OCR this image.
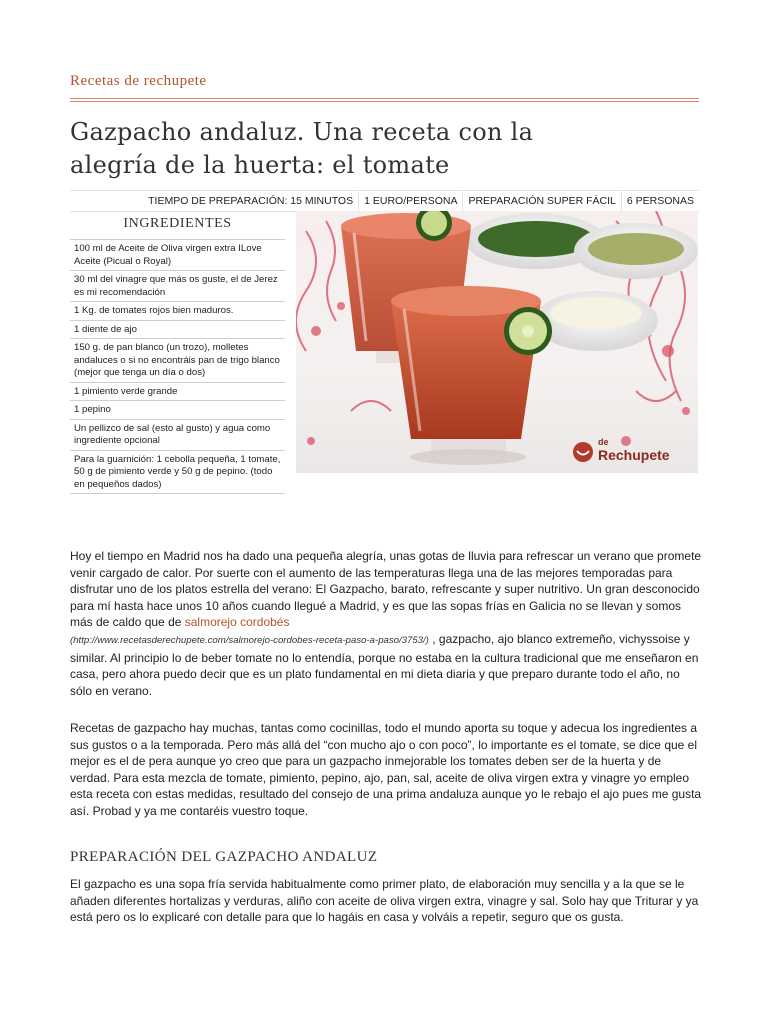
Recetas de rechupete
Gazpacho andaluz. Una receta con la
alegría de la huerta: el tomate
TIEMPO DE PREPARACIÓN: 15 MINUTOS	1 EURO/PERSONA	PREPARACIÓN SUPER FÁCIL	6 PERSONAS
INGREDIENTES
100 ml de Aceite de Oliva virgen extra ILove Aceite (Picual o Royal)
30 ml del vinagre que más os guste, el de Jerez es mi recomendación
1 Kg. de tomates rojos bien maduros.
1 diente de ajo
150 g. de pan blanco (un trozo), molletes andaluces o si no encontráis pan de trigo blanco (mejor que tenga un día o dos)
1 pimiento verde grande
1 pepino
Un pellizco de sal (esto al gusto) y agua como ingrediente opcional
Para la guarnición: 1 cebolla pequeña, 1 tomate, 50 g de pimiento verde y 50 g de pepino. (todo en pequeños dados)
de
Rechupete

Hoy el tiempo en Madrid nos ha dado una pequeña alegría, unas gotas de lluvia para refrescar un verano que promete venir cargado de calor. Por suerte con el aumento de las temperaturas llega una de las mejores temporadas para disfrutar uno de los platos estrella del verano: El Gazpacho, barato, refrescante y super nutritivo. Un gran desconocido para mí hasta hace unos 10 años cuando llegué a Madrid, y es que las sopas frías en Galicia no se llevan y somos más de caldo que de salmorejo cordobés
(http://www.recetasderechupete.com/salmorejo-cordobes-receta-paso-a-paso/3753/) , gazpacho, ajo blanco extremeño, vichyssoise y similar. Al principio lo de beber tomate no lo entendía, porque no estaba en la cultura tradicional que me enseñaron en casa, pero ahora puedo decir que es un plato fundamental en mi dieta diaria y que preparo durante todo el año, no sólo en verano.

Recetas de gazpacho hay muchas, tantas como cocinillas, todo el mundo aporta su toque y adecua los ingredientes a sus gustos o a la temporada. Pero más allá del “con mucho ajo o con poco”, lo importante es el tomate, se dice que el mejor es el de pera aunque yo creo que para un gazpacho inmejorable los tomates deben ser de la huerta y de verdad. Para esta mezcla de tomate, pimiento, pepino, ajo, pan, sal, aceite de oliva virgen extra y vinagre yo empleo esta receta con estas medidas, resultado del consejo de una prima andaluza aunque yo le rebajo el ajo pues me gusta así. Probad y ya me contaréis vuestro toque.

PREPARACIÓN DEL GAZPACHO ANDALUZ

El gazpacho es una sopa fría servida habitualmente como primer plato, de elaboración muy sencilla y a la que se le añaden diferentes hortalizas y verduras, aliño con aceite de oliva virgen extra, vinagre y sal. Solo hay que Triturar y ya está pero os lo explicaré con detalle para que lo hagáis en casa y volváis a repetir, seguro que os gusta.
